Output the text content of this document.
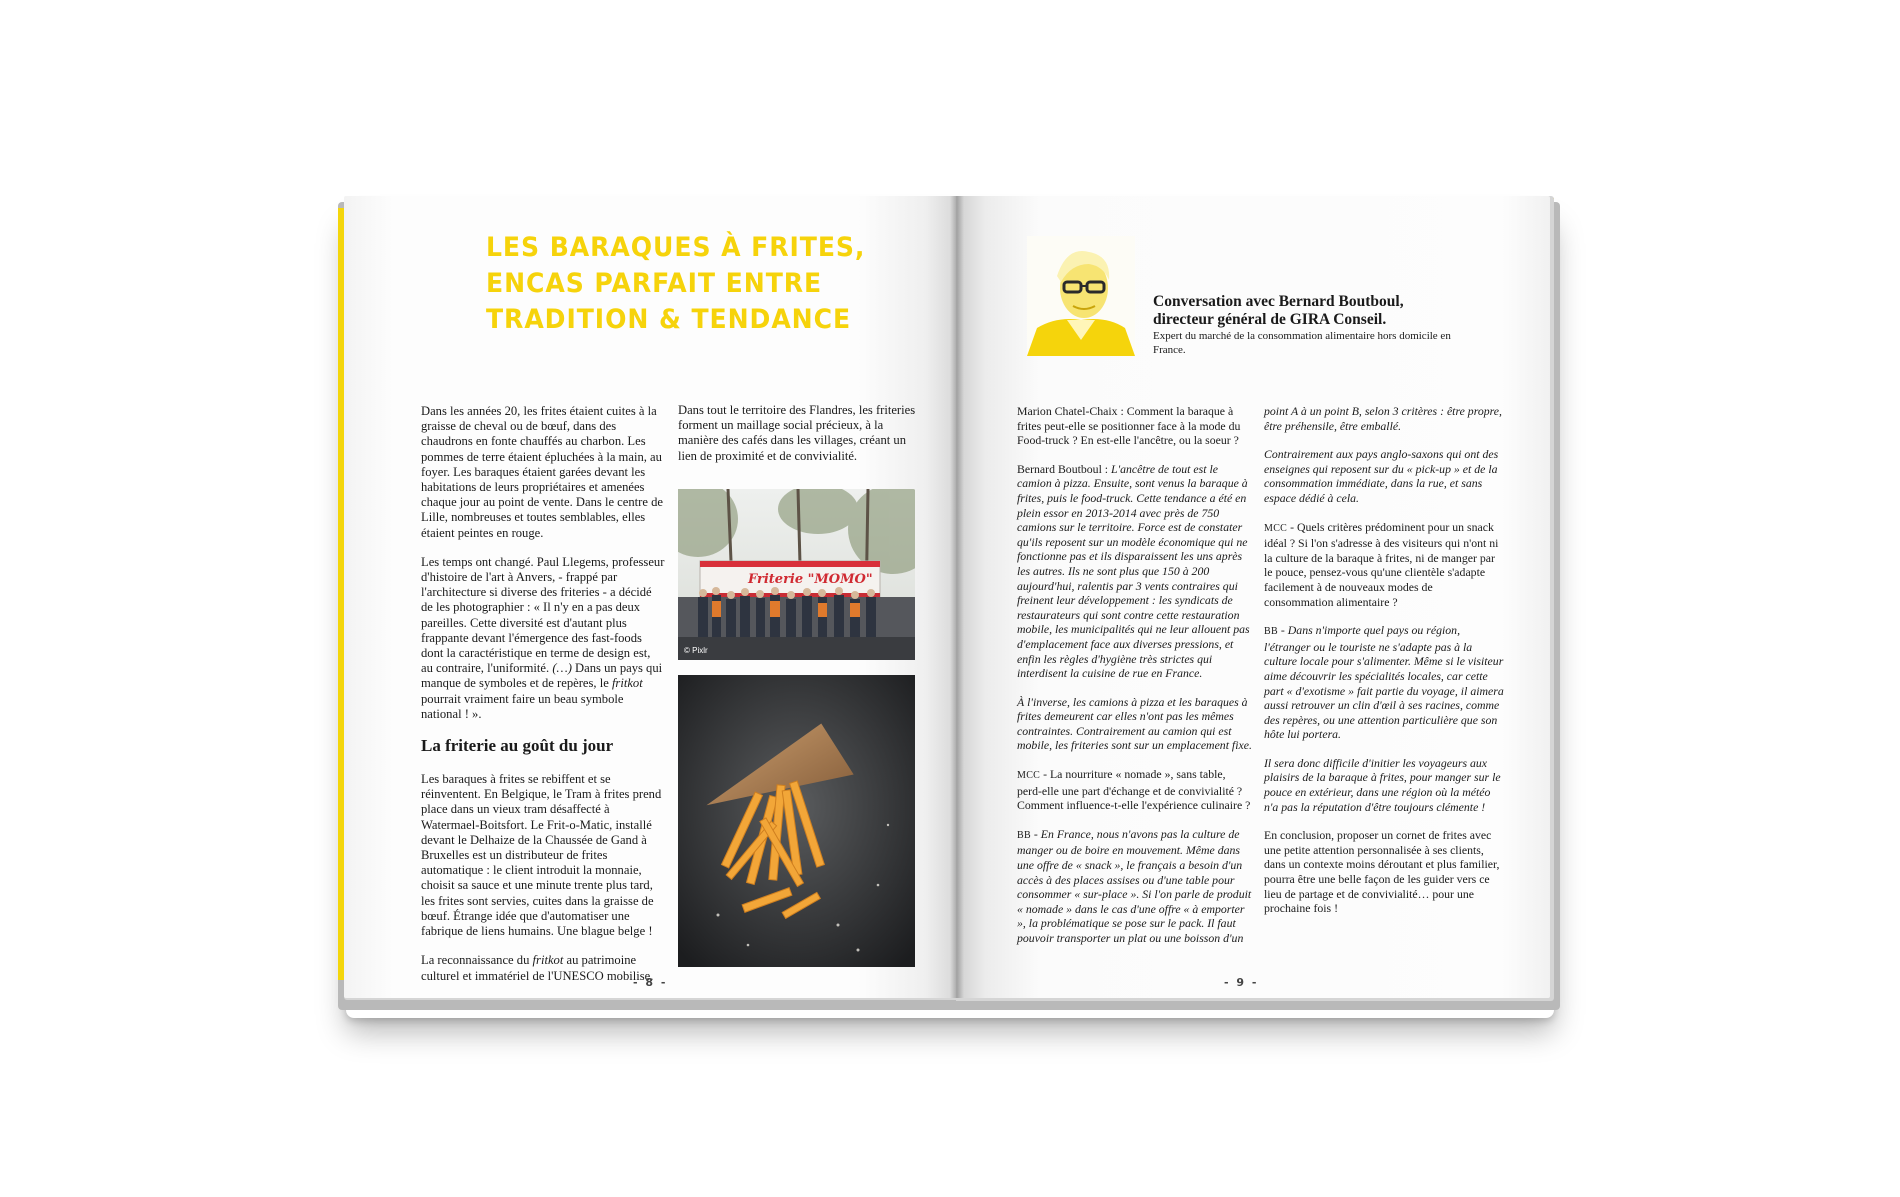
LES BARAQUES À FRITES,
ENCAS PARFAIT ENTRE
TRADITION & TENDANCE

Dans les années 20, les frites étaient cuites à la graisse de cheval ou de bœuf, dans des chaudrons en fonte chauffés au charbon. Les pommes de terre étaient épluchées à la main, au foyer. Les baraques étaient garées devant les habitations de leurs propriétaires et amenées chaque jour au point de vente. Dans le centre de Lille, nombreuses et toutes semblables, elles étaient peintes en rouge.

Les temps ont changé. Paul Llegems, professeur d'histoire de l'art à Anvers, - frappé par l'architecture si diverse des friteries - a décidé de les photographier : « Il n'y en a pas deux pareilles. Cette diversité est d'autant plus frappante devant l'émergence des fast-foods dont la caractéristique en terme de design est, au contraire, l'uniformité. (…) Dans un pays qui manque de symboles et de repères, le fritkot pourrait vraiment faire un beau symbole national ! ».

La friterie au goût du jour

Les baraques à frites se rebiffent et se réinventent. En Belgique, le Tram à frites prend place dans un vieux tram désaffecté à Watermael-Boitsfort. Le Frit-o-Matic, installé devant le Delhaize de la Chaussée de Gand à Bruxelles est un distributeur de frites automatique : le client introduit la monnaie, choisit sa sauce et une minute trente plus tard, les frites sont servies, cuites dans la graisse de bœuf. Étrange idée que d'automatiser une fabrique de liens humains. Une blague belge !

La reconnaissance du fritkot au patrimoine culturel et immatériel de l'UNESCO mobilise.

Dans tout le territoire des Flandres, les friteries forment un maillage social précieux, à la manière des cafés dans les villages, créant un lien de proximité et de convivialité.

Friterie "MOMO"
© Pixlr
- 8 -
Conversation avec Bernard Boutboul, directeur général de GIRA Conseil.
Expert du marché de la consommation alimentaire hors domicile en France.

Marion Chatel-Chaix : Comment la baraque à frites peut-elle se positionner face à la mode du Food-truck ? En est-elle l'ancêtre, ou la soeur ?

Bernard Boutboul : L'ancêtre de tout est le camion à pizza. Ensuite, sont venus la baraque à frites, puis le food-truck. Cette tendance a été en plein essor en 2013-2014 avec près de 750 camions sur le territoire. Force est de constater qu'ils reposent sur un modèle économique qui ne fonctionne pas et ils disparaissent les uns après les autres. Ils ne sont plus que 150 à 200 aujourd'hui, ralentis par 3 vents contraires qui freinent leur développement : les syndicats de restaurateurs qui sont contre cette restauration mobile, les municipalités qui ne leur allouent pas d'emplacement face aux diverses pressions, et enfin les règles d'hygiène très strictes qui interdisent la cuisine de rue en France.

À l'inverse, les camions à pizza et les baraques à frites demeurent car elles n'ont pas les mêmes contraintes. Contrairement au camion qui est mobile, les friteries sont sur un emplacement fixe.

MCC - La nourriture « nomade », sans table, perd-elle une part d'échange et de convivialité ? Comment influence-t-elle l'expérience culinaire ?

BB - En France, nous n'avons pas la culture de manger ou de boire en mouvement. Même dans une offre de « snack », le français a besoin d'un accès à des places assises ou d'une table pour consommer « sur-place ». Si l'on parle de produit « nomade » dans le cas d'une offre « à emporter », la problématique se pose sur le pack. Il faut pouvoir transporter un plat ou une boisson d'un

point A à un point B, selon 3 critères : être propre, être préhensile, être emballé.

Contrairement aux pays anglo-saxons qui ont des enseignes qui reposent sur du « pick-up » et de la consommation immédiate, dans la rue, et sans espace dédié à cela.

MCC - Quels critères prédominent pour un snack idéal ? Si l'on s'adresse à des visiteurs qui n'ont ni la culture de la baraque à frites, ni de manger par le pouce, pensez-vous qu'une clientèle s'adapte facilement à de nouveaux modes de consommation alimentaire ?

BB - Dans n'importe quel pays ou région, l'étranger ou le touriste ne s'adapte pas à la culture locale pour s'alimenter. Même si le visiteur aime découvrir les spécialités locales, car cette part « d'exotisme » fait partie du voyage, il aimera aussi retrouver un clin d'œil à ses racines, comme des repères, ou une attention particulière que son hôte lui portera.

Il sera donc difficile d'initier les voyageurs aux plaisirs de la baraque à frites, pour manger sur le pouce en extérieur, dans une région où la météo n'a pas la réputation d'être toujours clémente !

En conclusion, proposer un cornet de frites avec une petite attention personnalisée à ses clients, dans un contexte moins déroutant et plus familier, pourra être une belle façon de les guider vers ce lieu de partage et de convivialité… pour une prochaine fois !

- 9 -
